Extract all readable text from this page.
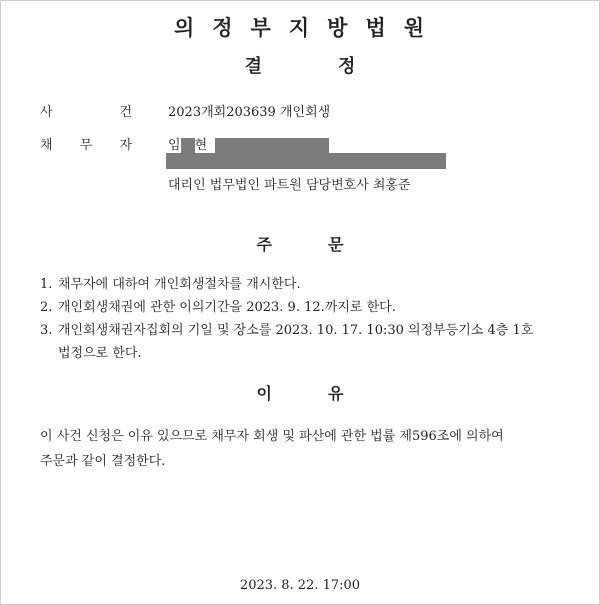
의 정 부 지 방 법 원
결	정
사	건	2023개회203639 개인회생
채 무 자	임 현
대리인 법무법인 파트원 담당변호사 최홍준
주	문
1. 채무자에 대하여 개인회생절차를 개시한다.
2. 개인회생채권에 관한 이의기간을 2023. 9. 12.까지로 한다.
3. 개인회생채권자집회의 기일 및 장소를 2023. 10. 17. 10:30 의정부등기소 4층 1호
법정으로 한다.
이	유
이 사건 신청은 이유 있으므로 채무자 회생 및 파산에 관한 법률 제596조에 의하여
주문과 같이 결정한다.
2023. 8. 22. 17:00
